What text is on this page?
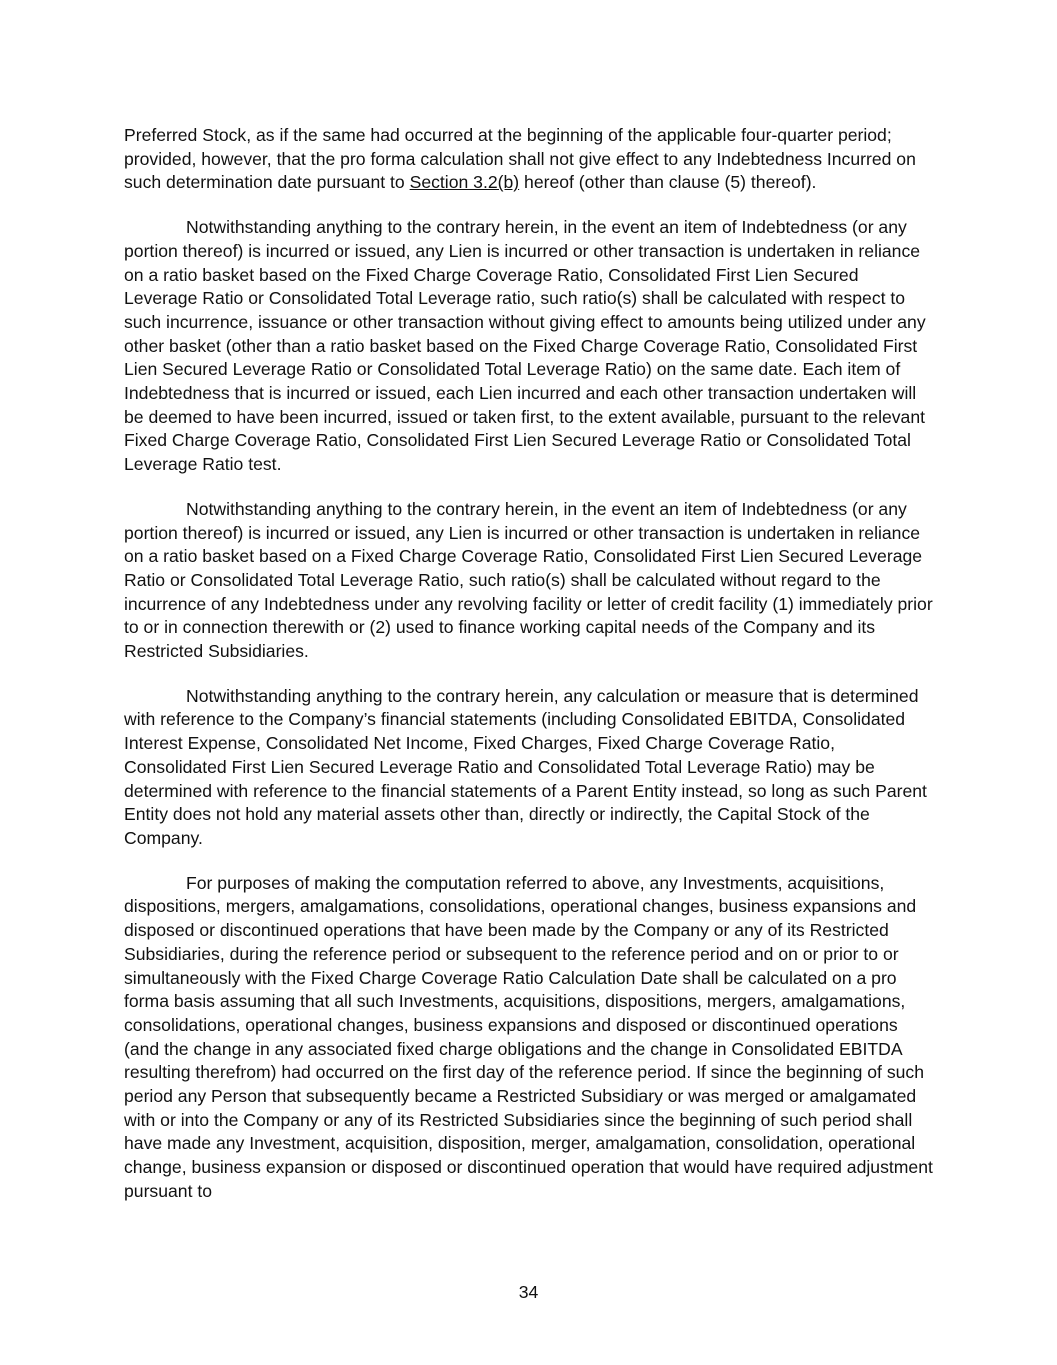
Preferred Stock, as if the same had occurred at the beginning of the applicable four-quarter period; provided, however, that the pro forma calculation shall not give effect to any Indebtedness Incurred on such determination date pursuant to Section 3.2(b) hereof (other than clause (5) thereof).

Notwithstanding anything to the contrary herein, in the event an item of Indebtedness (or any portion thereof) is incurred or issued, any Lien is incurred or other transaction is undertaken in reliance on a ratio basket based on the Fixed Charge Coverage Ratio, Consolidated First Lien Secured Leverage Ratio or Consolidated Total Leverage ratio, such ratio(s) shall be calculated with respect to such incurrence, issuance or other transaction without giving effect to amounts being utilized under any other basket (other than a ratio basket based on the Fixed Charge Coverage Ratio, Consolidated First Lien Secured Leverage Ratio or Consolidated Total Leverage Ratio) on the same date. Each item of Indebtedness that is incurred or issued, each Lien incurred and each other transaction undertaken will be deemed to have been incurred, issued or taken first, to the extent available, pursuant to the relevant Fixed Charge Coverage Ratio, Consolidated First Lien Secured Leverage Ratio or Consolidated Total Leverage Ratio test.

Notwithstanding anything to the contrary herein, in the event an item of Indebtedness (or any portion thereof) is incurred or issued, any Lien is incurred or other transaction is undertaken in reliance on a ratio basket based on a Fixed Charge Coverage Ratio, Consolidated First Lien Secured Leverage Ratio or Consolidated Total Leverage Ratio, such ratio(s) shall be calculated without regard to the incurrence of any Indebtedness under any revolving facility or letter of credit facility (1) immediately prior to or in connection therewith or (2) used to finance working capital needs of the Company and its Restricted Subsidiaries.

Notwithstanding anything to the contrary herein, any calculation or measure that is determined with reference to the Company’s financial statements (including Consolidated EBITDA, Consolidated Interest Expense, Consolidated Net Income, Fixed Charges, Fixed Charge Coverage Ratio, Consolidated First Lien Secured Leverage Ratio and Consolidated Total Leverage Ratio) may be determined with reference to the financial statements of a Parent Entity instead, so long as such Parent Entity does not hold any material assets other than, directly or indirectly, the Capital Stock of the Company.

For purposes of making the computation referred to above, any Investments, acquisitions, dispositions, mergers, amalgamations, consolidations, operational changes, business expansions and disposed or discontinued operations that have been made by the Company or any of its Restricted Subsidiaries, during the reference period or subsequent to the reference period and on or prior to or simultaneously with the Fixed Charge Coverage Ratio Calculation Date shall be calculated on a pro forma basis assuming that all such Investments, acquisitions, dispositions, mergers, amalgamations, consolidations, operational changes, business expansions and disposed or discontinued operations (and the change in any associated fixed charge obligations and the change in Consolidated EBITDA resulting therefrom) had occurred on the first day of the reference period. If since the beginning of such period any Person that subsequently became a Restricted Subsidiary or was merged or amalgamated with or into the Company or any of its Restricted Subsidiaries since the beginning of such period shall have made any Investment, acquisition, disposition, merger, amalgamation, consolidation, operational change, business expansion or disposed or discontinued operation that would have required adjustment pursuant to

34
